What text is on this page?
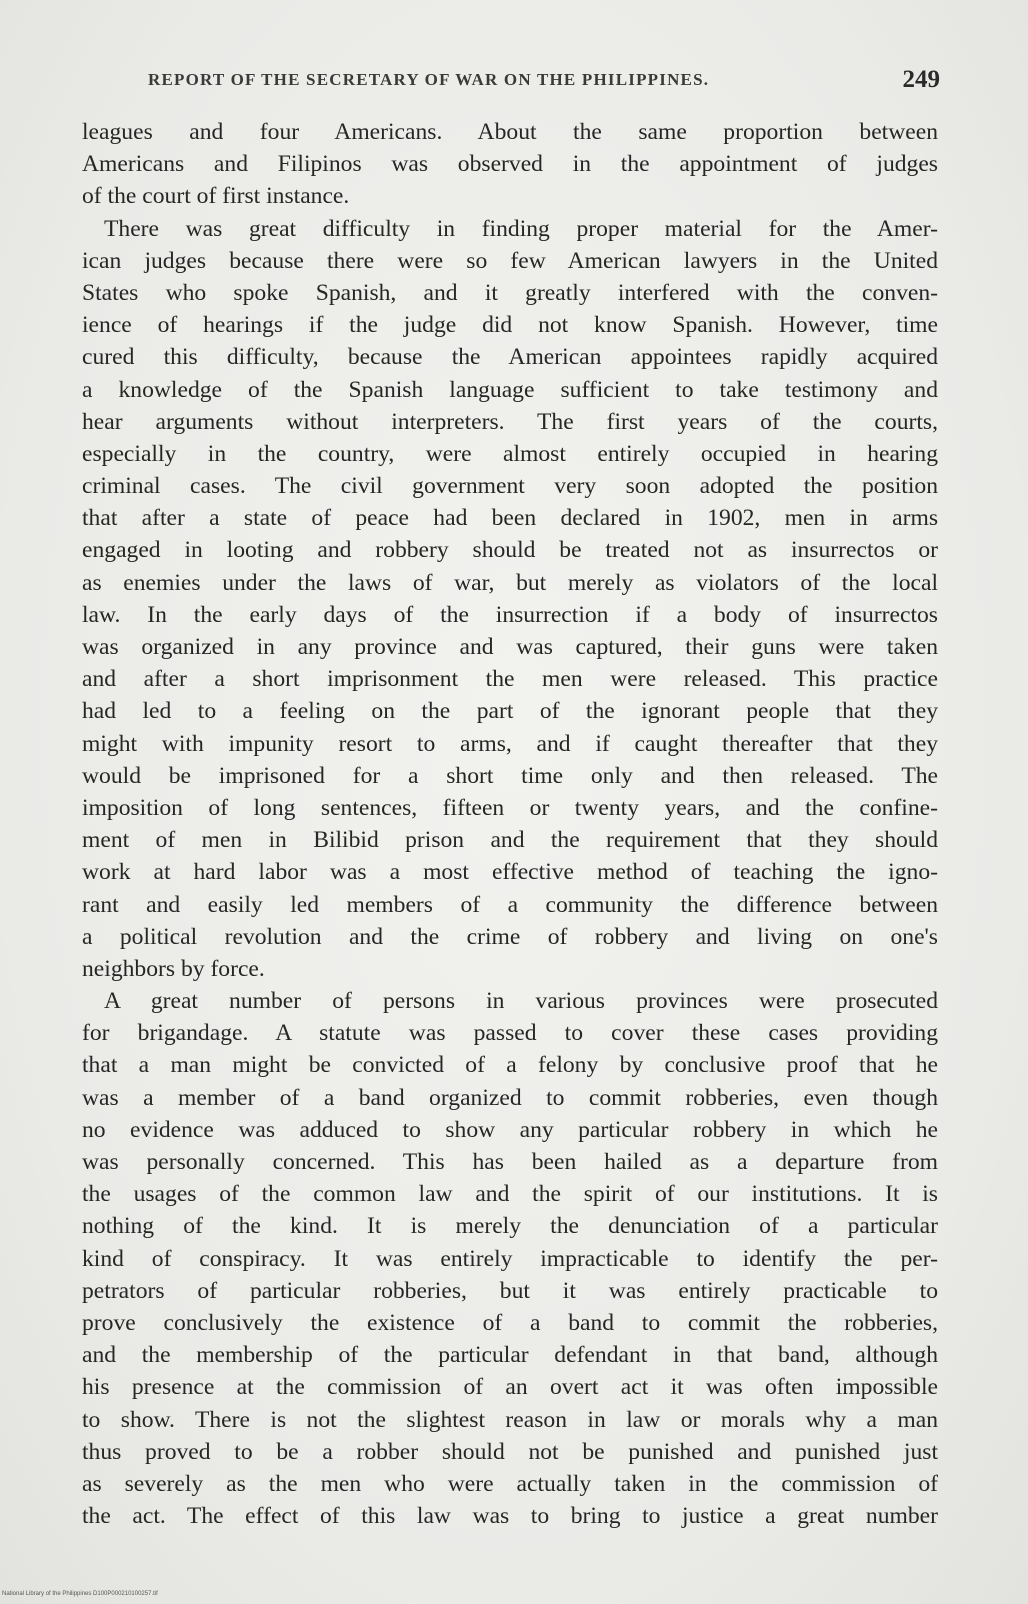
REPORT OF THE SECRETARY OF WAR ON THE PHILIPPINES.	249
leagues and four Americans. About the same proportion between
Americans and Filipinos was observed in the appointment of judges
of the court of first instance.
There was great difficulty in finding proper material for the Amer-
ican judges because there were so few American lawyers in the United
States who spoke Spanish, and it greatly interfered with the conven-
ience of hearings if the judge did not know Spanish. However, time
cured this difficulty, because the American appointees rapidly acquired
a knowledge of the Spanish language sufficient to take testimony and
hear arguments without interpreters. The first years of the courts,
especially in the country, were almost entirely occupied in hearing
criminal cases. The civil government very soon adopted the position
that after a state of peace had been declared in 1902, men in arms
engaged in looting and robbery should be treated not as insurrectos or
as enemies under the laws of war, but merely as violators of the local
law. In the early days of the insurrection if a body of insurrectos
was organized in any province and was captured, their guns were taken
and after a short imprisonment the men were released. This practice
had led to a feeling on the part of the ignorant people that they
might with impunity resort to arms, and if caught thereafter that they
would be imprisoned for a short time only and then released. The
imposition of long sentences, fifteen or twenty years, and the confine-
ment of men in Bilibid prison and the requirement that they should
work at hard labor was a most effective method of teaching the igno-
rant and easily led members of a community the difference between
a political revolution and the crime of robbery and living on one's
neighbors by force.
A great number of persons in various provinces were prosecuted
for brigandage. A statute was passed to cover these cases providing
that a man might be convicted of a felony by conclusive proof that he
was a member of a band organized to commit robberies, even though
no evidence was adduced to show any particular robbery in which he
was personally concerned. This has been hailed as a departure from
the usages of the common law and the spirit of our institutions. It is
nothing of the kind. It is merely the denunciation of a particular
kind of conspiracy. It was entirely impracticable to identify the per-
petrators of particular robberies, but it was entirely practicable to
prove conclusively the existence of a band to commit the robberies,
and the membership of the particular defendant in that band, although
his presence at the commission of an overt act it was often impossible
to show. There is not the slightest reason in law or morals why a man
thus proved to be a robber should not be punished and punished just
as severely as the men who were actually taken in the commission of
the act. The effect of this law was to bring to justice a great number
National Library of the Philippines D100P000210100257.tif
